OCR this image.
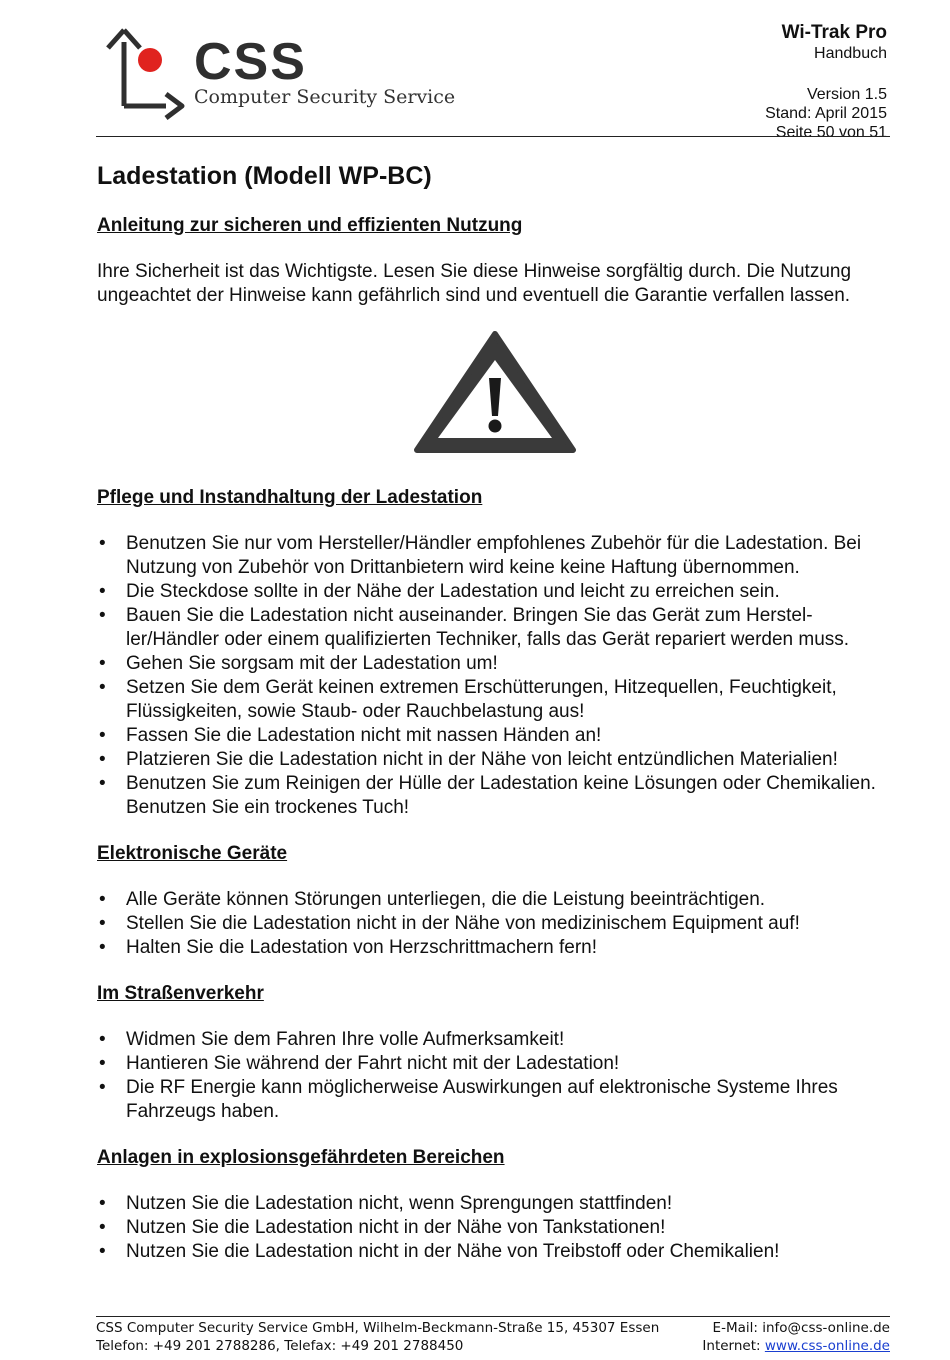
CSS
Computer Security Service
Wi-Trak Pro
Handbuch
Version 1.5
Stand: April 2015
Seite 50 von 51
Ladestation (Modell WP-BC)
Anleitung zur sicheren und effizienten Nutzung

Ihre Sicherheit ist das Wichtigste. Lesen Sie diese Hinweise sorgfältig durch. Die Nutzung ungeachtet der Hinweise kann gefährlich sind und eventuell die Garantie verfallen lassen.

Pflege und Instandhaltung der Ladestation
• Benutzen Sie nur vom Hersteller/Händler empfohlenes Zubehör für die Ladestation. Bei Nutzung von Zubehör von Drittanbietern wird keine keine Haftung übernommen.
• Die Steckdose sollte in der Nähe der Ladestation und leicht zu erreichen sein.
• Bauen Sie die Ladestation nicht auseinander. Bringen Sie das Gerät zum Hersteller/Händler oder einem qualifizierten Techniker, falls das Gerät repariert werden muss.
• Gehen Sie sorgsam mit der Ladestation um!
• Setzen Sie dem Gerät keinen extremen Erschütterungen, Hitzequellen, Feuchtigkeit, Flüssigkeiten, sowie Staub- oder Rauchbelastung aus!
• Fassen Sie die Ladestation nicht mit nassen Händen an!
• Platzieren Sie die Ladestation nicht in der Nähe von leicht entzündlichen Materialien!
• Benutzen Sie zum Reinigen der Hülle der Ladestation keine Lösungen oder Chemikalien. Benutzen Sie ein trockenes Tuch!
Elektronische Geräte
• Alle Geräte können Störungen unterliegen, die die Leistung beeinträchtigen.
• Stellen Sie die Ladestation nicht in der Nähe von medizinischem Equipment auf!
• Halten Sie die Ladestation von Herzschrittmachern fern!
Im Straßenverkehr
• Widmen Sie dem Fahren Ihre volle Aufmerksamkeit!
• Hantieren Sie während der Fahrt nicht mit der Ladestation!
• Die RF Energie kann möglicherweise Auswirkungen auf elektronische Systeme Ihres Fahrzeugs haben.
Anlagen in explosionsgefährdeten Bereichen
• Nutzen Sie die Ladestation nicht, wenn Sprengungen stattfinden!
• Nutzen Sie die Ladestation nicht in der Nähe von Tankstationen!
• Nutzen Sie die Ladestation nicht in der Nähe von Treibstoff oder Chemikalien!
CSS Computer Security Service GmbH, Wilhelm-Beckmann-Straße 15, 45307 Essen	E-Mail: info@css-online.de
Telefon: +49 201 2788286, Telefax: +49 201 2788450	Internet: www.css-online.de
